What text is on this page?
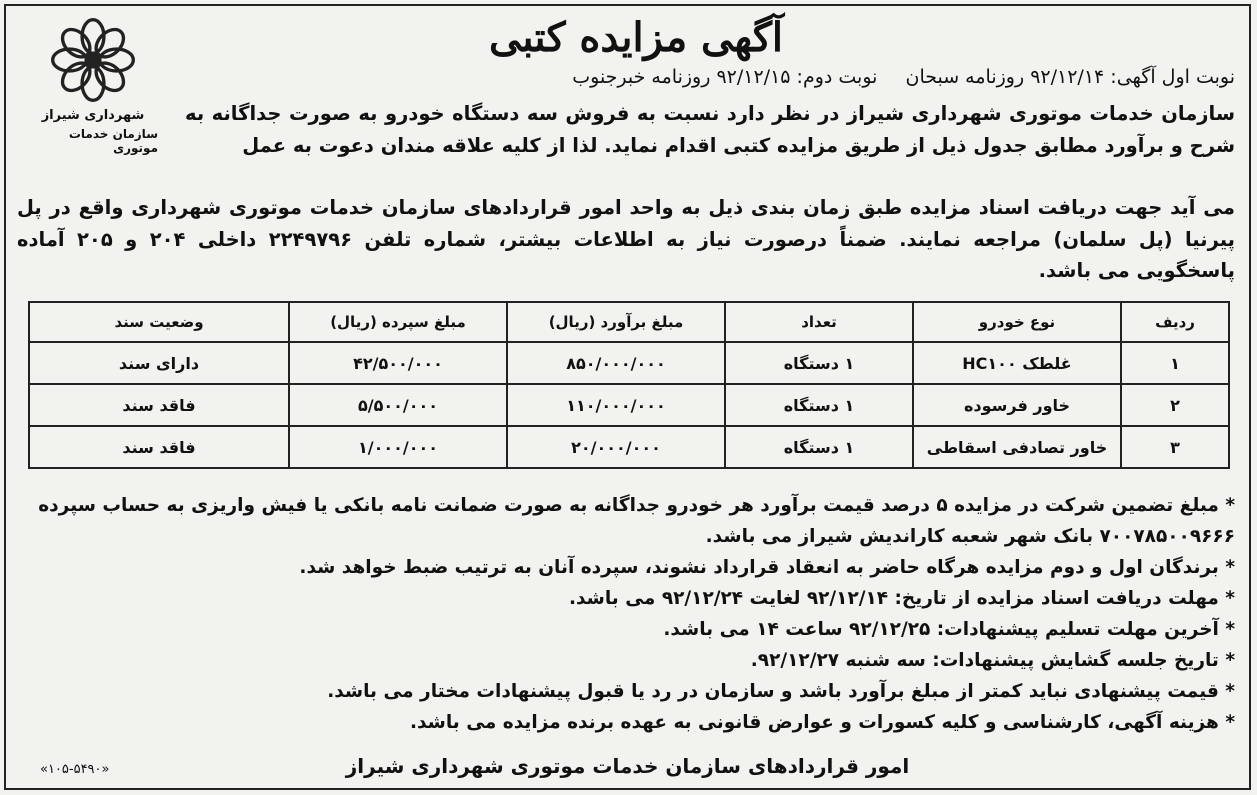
شهرداری شیراز
سازمان خدمات موتوری
آگهی مزایده کتبی
نوبت اول آگهی: ۹۲/۱۲/۱۴ روزنامه سبحان نوبت دوم: ۹۲/۱۲/۱۵ روزنامه خبرجنوب
سازمان خدمات موتوری شهرداری شیراز در نظر دارد نسبت به فروش سه دستگاه خودرو به صورت جداگانه به شرح و برآورد مطابق جدول ذیل از طریق مزایده کتبی اقدام نماید. لذا از کلیه علاقه مندان دعوت به عمل
می آید جهت دریافت اسناد مزایده طبق زمان بندی ذیل به واحد امور قراردادهای سازمان خدمات موتوری شهرداری واقع در پل پیرنیا (پل سلمان) مراجعه نمایند. ضمناً درصورت نیاز به اطلاعات بیشتر، شماره تلفن ۲۲۴۹۷۹۶ داخلی ۲۰۴ و ۲۰۵ آماده پاسخگویی می باشد.
ردیف	نوع خودرو	تعداد	مبلغ برآورد (ریال)	مبلغ سپرده (ریال)	وضعیت سند
۱	غلطک HC۱۰۰	۱ دستگاه	۸۵۰/۰۰۰/۰۰۰	۴۲/۵۰۰/۰۰۰	دارای سند
۲	خاور فرسوده	۱ دستگاه	۱۱۰/۰۰۰/۰۰۰	۵/۵۰۰/۰۰۰	فاقد سند
۳	خاور تصادفی اسقاطی	۱ دستگاه	۲۰/۰۰۰/۰۰۰	۱/۰۰۰/۰۰۰	فاقد سند
* مبلغ تضمین شرکت در مزایده ۵ درصد قیمت برآورد هر خودرو جداگانه به صورت ضمانت نامه بانکی یا فیش واریزی به حساب سپرده ۷۰۰۷۸۵۰۰۹۶۶۶ بانک شهر شعبه کارانديش شیراز می باشد.
* برندگان اول و دوم مزایده هرگاه حاضر به انعقاد قرارداد نشوند، سپرده آنان به ترتیب ضبط خواهد شد.
* مهلت دریافت اسناد مزایده از تاریخ: ۹۲/۱۲/۱۴ لغایت ۹۲/۱۲/۲۴ می باشد.
* آخرین مهلت تسلیم پیشنهادات: ۹۲/۱۲/۲۵ ساعت ۱۴ می باشد.
* تاریخ جلسه گشایش پیشنهادات: سه شنبه ۹۲/۱۲/۲۷.
* قیمت پیشنهادی نباید کمتر از مبلغ برآورد باشد و سازمان در رد یا قبول پیشنهادات مختار می باشد.
* هزینه آگهی، کارشناسی و کلیه کسورات و عوارض قانونی به عهده برنده مزایده می باشد.
امور قراردادهای سازمان خدمات موتوری شهرداری شیراز
«۱۰۵-۵۴۹۰»
